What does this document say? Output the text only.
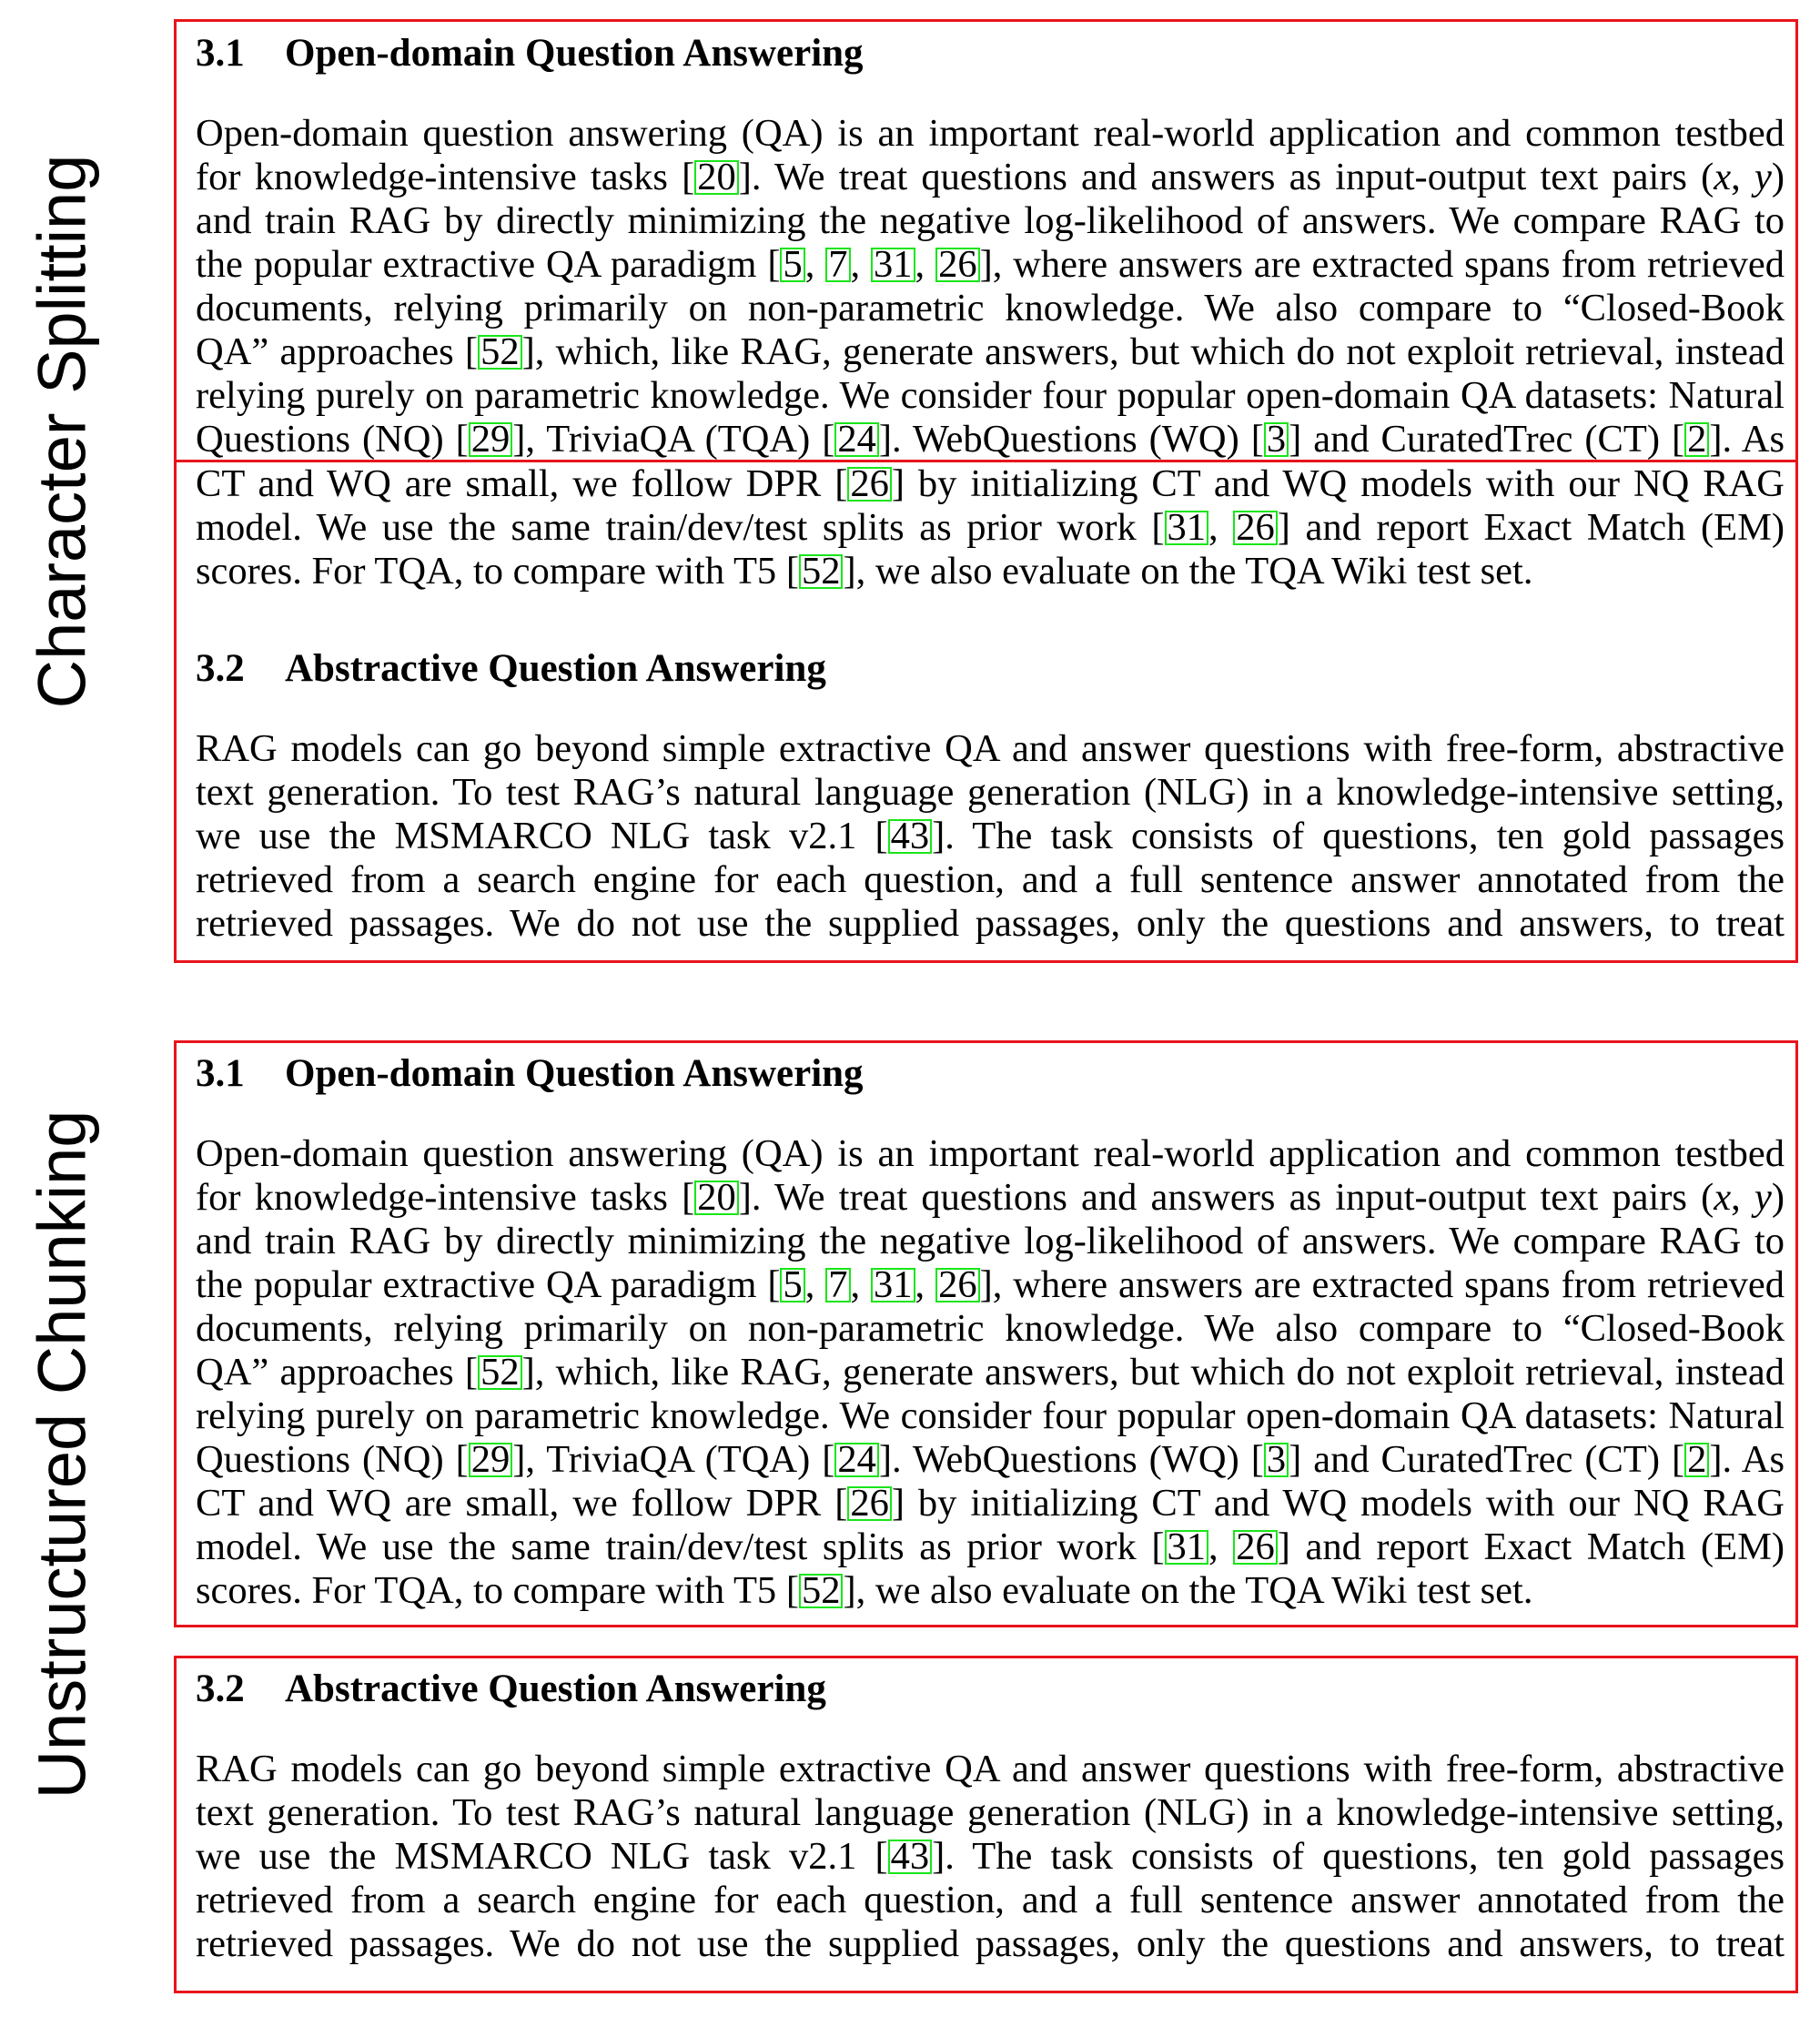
Character Splitting
Unstructured Chunking
3.1 Open-domain Question Answering
Open-domain question answering (QA) is an important real-world application and common testbed
for knowledge-intensive tasks [20]. We treat questions and answers as input-output text pairs (x, y)
and train RAG by directly minimizing the negative log-likelihood of answers. We compare RAG to
the popular extractive QA paradigm [5, 7, 31, 26], where answers are extracted spans from retrieved
documents, relying primarily on non-parametric knowledge. We also compare to “Closed-Book
QA” approaches [52], which, like RAG, generate answers, but which do not exploit retrieval, instead
relying purely on parametric knowledge. We consider four popular open-domain QA datasets: Natural
Questions (NQ) [29], TriviaQA (TQA) [24]. WebQuestions (WQ) [3] and CuratedTrec (CT) [2]. As
CT and WQ are small, we follow DPR [26] by initializing CT and WQ models with our NQ RAG
model. We use the same train/dev/test splits as prior work [31, 26] and report Exact Match (EM)
scores. For TQA, to compare with T5 [52], we also evaluate on the TQA Wiki test set.
3.2 Abstractive Question Answering
RAG models can go beyond simple extractive QA and answer questions with free-form, abstractive
text generation. To test RAG’s natural language generation (NLG) in a knowledge-intensive setting,
we use the MSMARCO NLG task v2.1 [43]. The task consists of questions, ten gold passages
retrieved from a search engine for each question, and a full sentence answer annotated from the
retrieved passages. We do not use the supplied passages, only the questions and answers, to treat
3.1 Open-domain Question Answering
Open-domain question answering (QA) is an important real-world application and common testbed
for knowledge-intensive tasks [20]. We treat questions and answers as input-output text pairs (x, y)
and train RAG by directly minimizing the negative log-likelihood of answers. We compare RAG to
the popular extractive QA paradigm [5, 7, 31, 26], where answers are extracted spans from retrieved
documents, relying primarily on non-parametric knowledge. We also compare to “Closed-Book
QA” approaches [52], which, like RAG, generate answers, but which do not exploit retrieval, instead
relying purely on parametric knowledge. We consider four popular open-domain QA datasets: Natural
Questions (NQ) [29], TriviaQA (TQA) [24]. WebQuestions (WQ) [3] and CuratedTrec (CT) [2]. As
CT and WQ are small, we follow DPR [26] by initializing CT and WQ models with our NQ RAG
model. We use the same train/dev/test splits as prior work [31, 26] and report Exact Match (EM)
scores. For TQA, to compare with T5 [52], we also evaluate on the TQA Wiki test set.
3.2 Abstractive Question Answering
RAG models can go beyond simple extractive QA and answer questions with free-form, abstractive
text generation. To test RAG’s natural language generation (NLG) in a knowledge-intensive setting,
we use the MSMARCO NLG task v2.1 [43]. The task consists of questions, ten gold passages
retrieved from a search engine for each question, and a full sentence answer annotated from the
retrieved passages. We do not use the supplied passages, only the questions and answers, to treat
